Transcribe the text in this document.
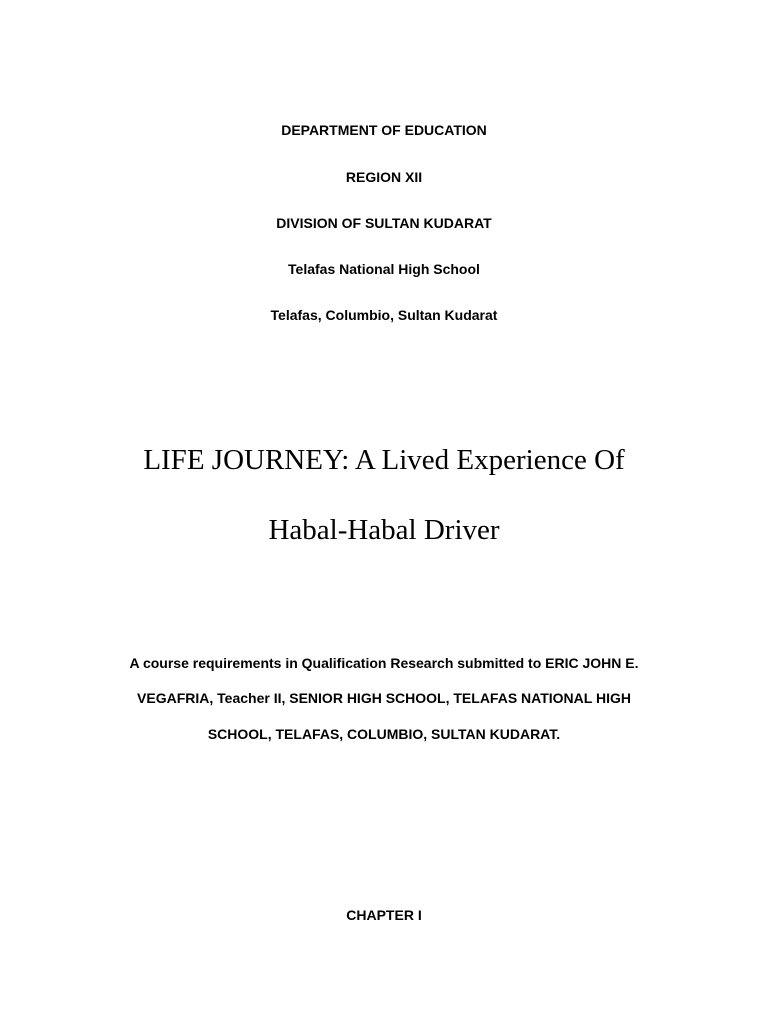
DEPARTMENT OF EDUCATION
REGION XII
DIVISION OF SULTAN KUDARAT
Telafas National High School
Telafas, Columbio, Sultan Kudarat
LIFE JOURNEY: A Lived Experience Of
Habal-Habal Driver
A course requirements in Qualification Research submitted to ERIC JOHN E.
VEGAFRIA, Teacher II, SENIOR HIGH SCHOOL, TELAFAS NATIONAL HIGH
SCHOOL, TELAFAS, COLUMBIO, SULTAN KUDARAT.
CHAPTER I
